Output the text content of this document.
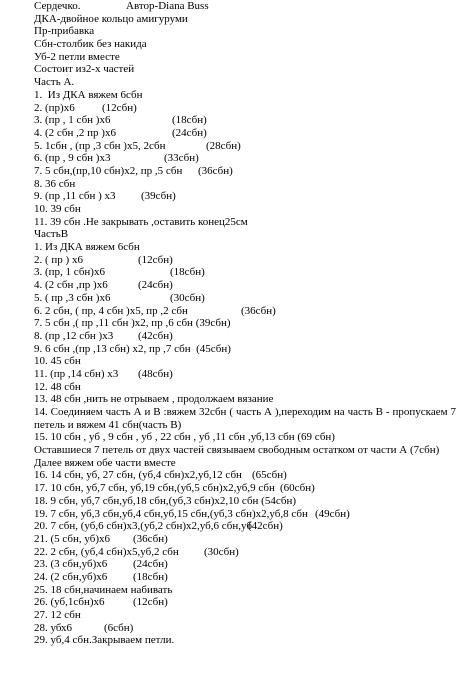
Сердечко.

	Автор-Diana Buss

ДКА-двойное кольцо амигуруми
Пр-прибавка
Сбн-столбик без накида
Уб-2 петли вместе
Состоит из2-х частей
Часть А.
1.  Из ДКА вяжем 6сбн
2. (пр)х6 (12сбн)
3. (пр , 1 сбн )х6	(18сбн)
4. (2 сбн ,2 пр )х6	(24сбн)
5. 1сбн , (пр ,3 сбн )х5, 2сбн	(28сбн)
6. (пр , 9 сбн )х3	(33сбн)
7. 5 сбн,(пр,10 сбн)х2, пр ,5 сбн (36сбн)
8. 36 сбн
9. (пр ,11 сбн ) х3 (39сбн)
10. 39 сбн
11. 39 сбн .Не закрывать ,оставить конец25см
ЧастьВ
1. Из ДКА вяжем 6сбн
2. ( пр ) х6	(12сбн)
3. (пр, 1 сбн)х6	(18сбн)
4. (2 сбн ,пр )х6	(24сбн)
5. ( пр ,3 сбн )х6	(30сбн)
6. 2 сбн, ( пр, 4 сбн )х5, пр ,2 сбн	(36сбн)
7. 5 сбн ,( пр ,11 сбн )х2, пр ,6 сбн (39сбн)
8. (пр ,12 сбн )х3 (42сбн)
9. 6 сбн ,(пр ,13 сбн) х2, пр ,7 сбн  (45сбн)
10. 45 сбн
11. (пр ,14 сбн) х3 (48сбн)
12. 48 сбн
13. 48 сбн ,нить не отрываем , продолжаем вязание
14. Соединяем часть А и В :вяжем 32сбн ( часть А ),переходим на часть В - пропускаем 7 петель и вяжем 41 сбн(часть В)
15. 10 сбн , уб , 9 сбн , уб , 22 сбн , уб ,11 сбн ,уб,13 сбн (69 сбн)
Оставшиеся 7 петель от двух частей связываем свободным остатком от части А (7сбн)
Далее вяжем обе части вместе
16. 14 сбн, уб, 27 сбн, (уб,4 сбн)х2,уб,12 сбн (65сбн)
17. 10 сбн, уб,7 сбн, уб,19 сбн,(уб,5 сбн)х2,уб,9 сбн (60сбн)
18. 9 сбн, уб,7 сбн,уб,18 сбн,(уб,3 сбн)х2,10 сбн (54сбн)
19. 7 сбн, уб,3 сбн,уб,4 сбн,уб,15 сбн,(уб,3 сбн)х2,уб,8 сбн (49сбн)
20. 7 сбн, (уб,6 сбн)х3,(уб,2 сбн)х2,уб,6 сбн,уб
(42сбн)
21. (5 сбн, уб)х6 (36сбн)
22. 2 сбн, (уб,4 сбн)х5,уб,2 сбн (30сбн)
23. (3 сбн,уб)х6 (24сбн)
24. (2 сбн,уб)х6 (18сбн)
25. 18 сбн,начинаем набивать
26. (уб,1сбн)х6	(12сбн)
27. 12 сбн
28. убх6	(6сбн)
29. уб,4 сбн.Закрываем петли.
